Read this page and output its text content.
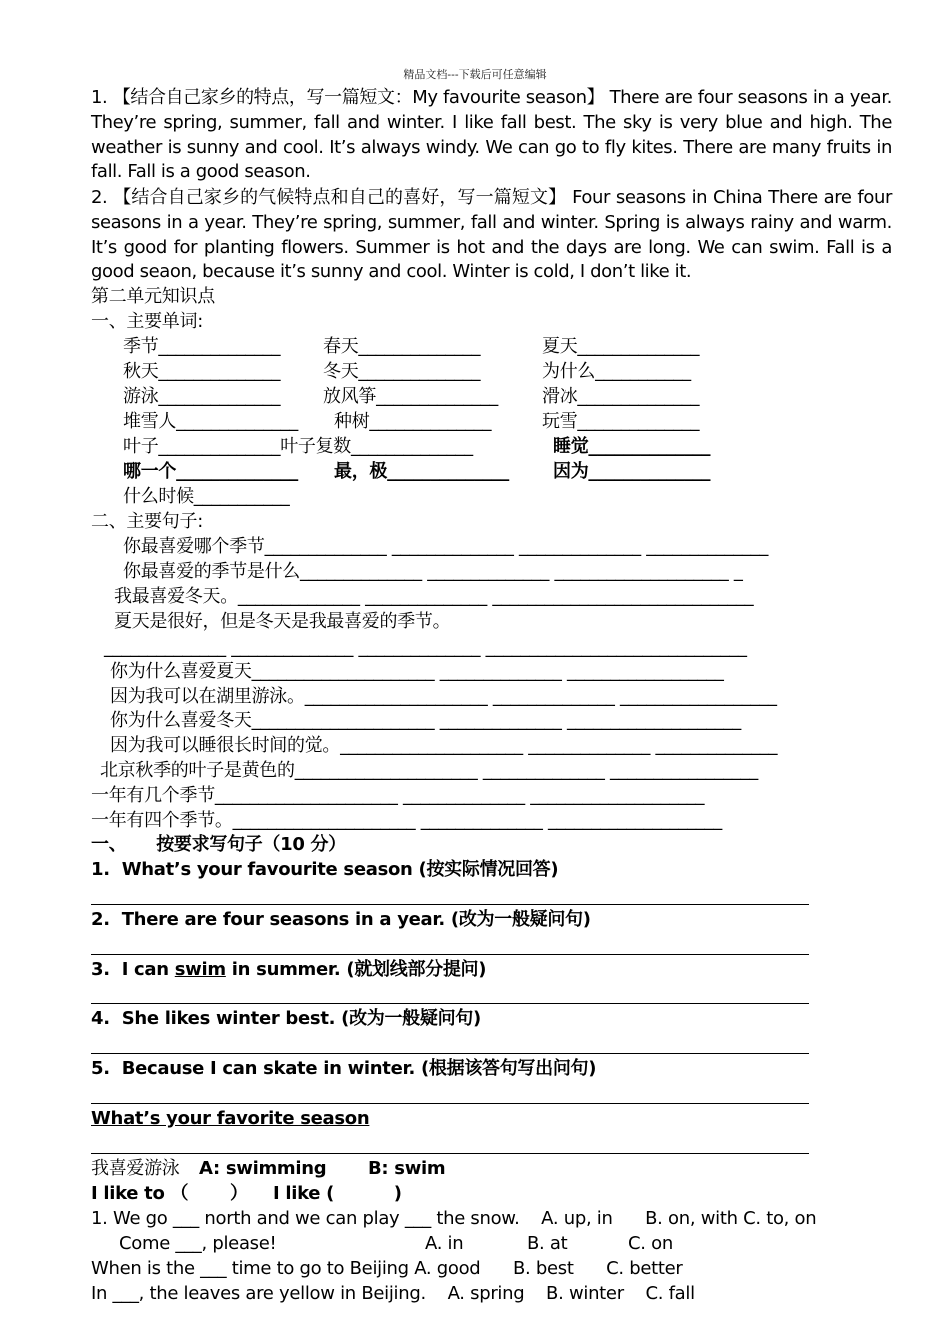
精品文档---下载后可任意编辑
1. 【结合自己家乡的特点，写一篇短文：My favourite season】 There are four seasons in a year. They’re spring, summer, fall and winter. I like fall best. The sky is very blue and high. The weather is sunny and cool. It’s always windy. We can go to fly kites. There are many fruits in fall. Fall is a good season.
2. 【结合自己家乡的气候特点和自己的喜好，写一篇短文】 Four seasons in China There are four seasons in a year. They’re spring, summer, fall and winter. Spring is always rainy and warm. It’s good for planting flowers. Summer is hot and the days are long. We can swim. Fall is a good seaon, because it’s sunny and cool. Winter is cold, I don’t like it.
第二单元知识点
一、主要单词:
季节______________ 春天______________	夏天______________
秋天______________ 冬天______________	为什么___________
游泳______________ 放风筝______________ 滑冰______________
堆雪人______________ 种树______________	玩雪______________
叶子______________叶子复数______________	睡觉______________
哪一个______________ 最，极______________ 因为______________
什么时候___________
二、主要句子:
你最喜爱哪个季节______________ ______________ ______________ ______________
你最喜爱的季节是什么______________ ______________ ____________________ _
我最喜爱冬天。______________ ______________ ______________________________
夏天是很好，但是冬天是我最喜爱的季节。
______________ ______________ ______________ ______________________________
你为什么喜爱夏天_____________________ ______________ __________________
因为我可以在湖里游泳。_____________________ ______________ __________________
你为什么喜爱冬天_____________________ ______________ ____________________
因为我可以睡很长时间的觉。_____________________ ______________ ______________
北京秋季的叶子是黄色的_____________________ ______________ _________________
一年有几个季节_____________________ ______________ ____________________
一年有四个季节。_____________________ ______________ ____________________
一、     按要求写句子（10 分）
1.  What’s your favourite season (按实际情况回答)
2.  There are four seasons in a year. (改为一般疑问句)
3.  I can swim in summer. (就划线部分提问)
4.  She likes winter best. (改为一般疑问句)
5.  Because I can skate in winter. (根据该答句写出问句)
What’s your favorite season
我喜爱游泳 A: swimming B: swim
I like to （       ） I like (          )
1. We go ___ north and we can play ___ the snow.    A. up, in      B. on, with C. to, on
Come ___, please!	A. in	B. at	C. on
When is the ___ time to go to Beijing A. good      B. best      C. better
In ___, the leaves are yellow in Beijing.    A. spring    B. winter    C. fall
